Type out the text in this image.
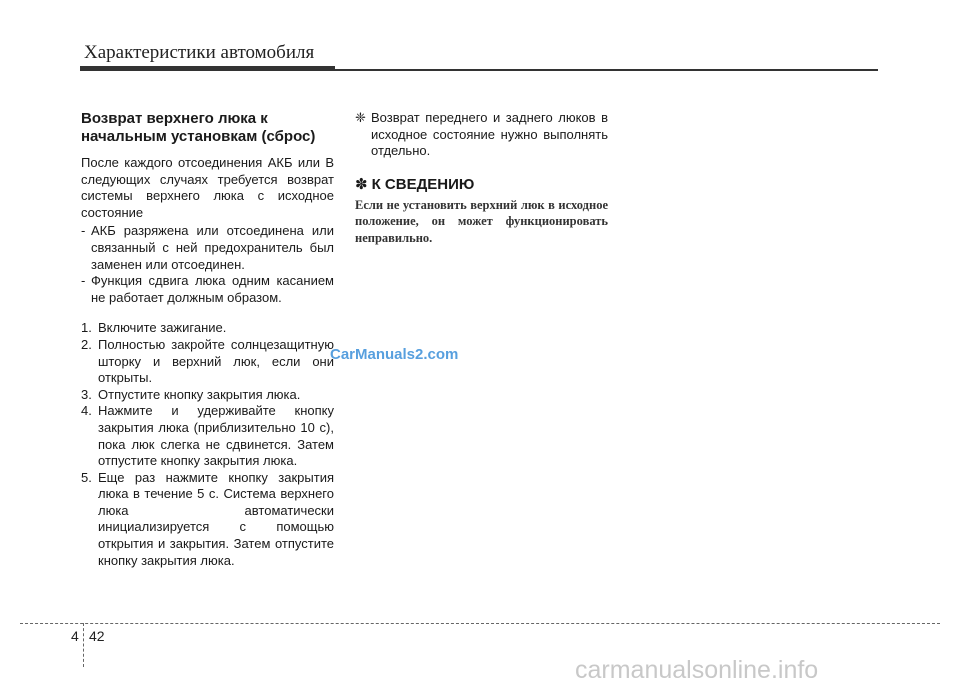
Характеристики автомобиля
Возврат верхнего люка к начальным установкам (сброс)

После каждого отсоединения АКБ или В следующих случаях требуется возврат системы верхнего люка с исходное состояние

- АКБ разряжена или отсоединена или связанный с ней предохранитель был заменен или отсоединен.
- Функция сдвига люка одним касанием не работает должным образом.
1. Включите зажигание.
2. Полностью закройте солнцезащитную шторку и верхний люк, если они открыты.
3. Отпустите кнопку закрытия люка.
4. Нажмите и удерживайте кнопку закрытия люка (приблизительно 10 с), пока люк слегка не сдвинется. Затем отпустите кнопку закрытия люка.
5. Еще раз нажмите кнопку закрытия люка в течение 5 с. Система верхнего люка автоматически инициализируется с помощью открытия и закрытия. Затем отпустите кнопку закрытия люка.
❈ Возврат переднего и заднего люков в исходное состояние нужно выполнять отдельно.
✽ К СВЕДЕНИЮ

Если не установить верхний люк в исходное положение, он может функционировать неправильно.

CarManuals2.com
4 42
carmanualsonline.info
